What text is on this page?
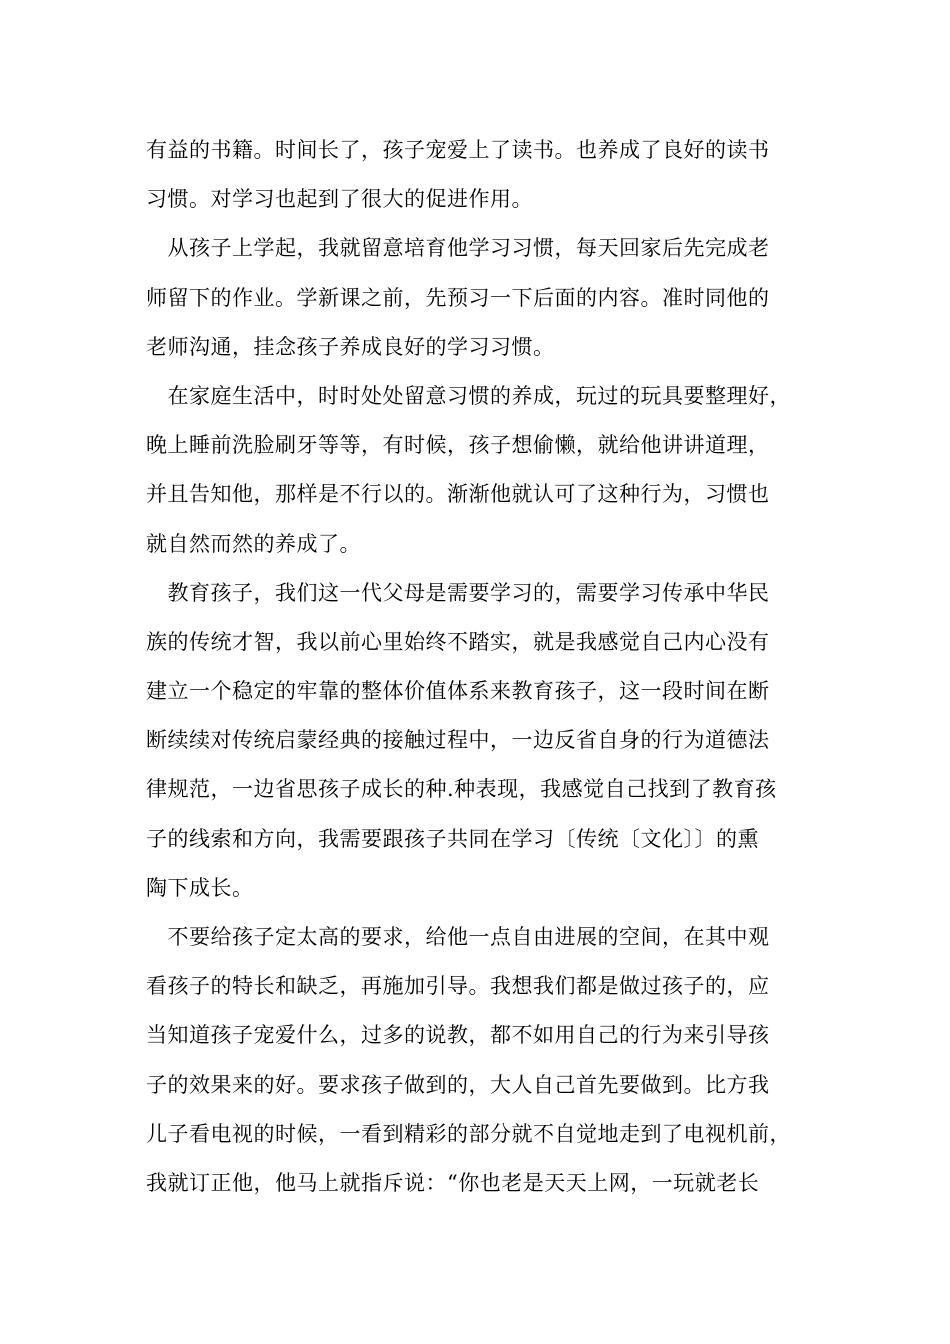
有益的书籍。时间长了，孩子宠爱上了读书。也养成了良好的读书
习惯。对学习也起到了很大的促进作用。
　从孩子上学起，我就留意培育他学习习惯，每天回家后先完成老
师留下的作业。学新课之前，先预习一下后面的内容。准时同他的
老师沟通，挂念孩子养成良好的学习习惯。
　在家庭生活中，时时处处留意习惯的养成，玩过的玩具要整理好，
晚上睡前洗脸刷牙等等，有时候，孩子想偷懒，就给他讲讲道理，
并且告知他，那样是不行以的。渐渐他就认可了这种行为，习惯也
就自然而然的养成了。
　教育孩子，我们这一代父母是需要学习的，需要学习传承中华民
族的传统才智，我以前心里始终不踏实，就是我感觉自己内心没有
建立一个稳定的牢靠的整体价值体系来教育孩子，这一段时间在断
断续续对传统启蒙经典的接触过程中，一边反省自身的行为道德法
律规范，一边省思孩子成长的种.种表现，我感觉自己找到了教育孩
子的线索和方向，我需要跟孩子共同在学习〔传统〔文化〕〕的熏
陶下成长。
　不要给孩子定太高的要求，给他一点自由进展的空间，在其中观
看孩子的特长和缺乏，再施加引导。我想我们都是做过孩子的，应
当知道孩子宠爱什么，过多的说教，都不如用自己的行为来引导孩
子的效果来的好。要求孩子做到的，大人自己首先要做到。比方我
儿子看电视的时候，一看到精彩的部分就不自觉地走到了电视机前，
我就订正他，他马上就指斥说：“你也老是天天上网，一玩就老长
